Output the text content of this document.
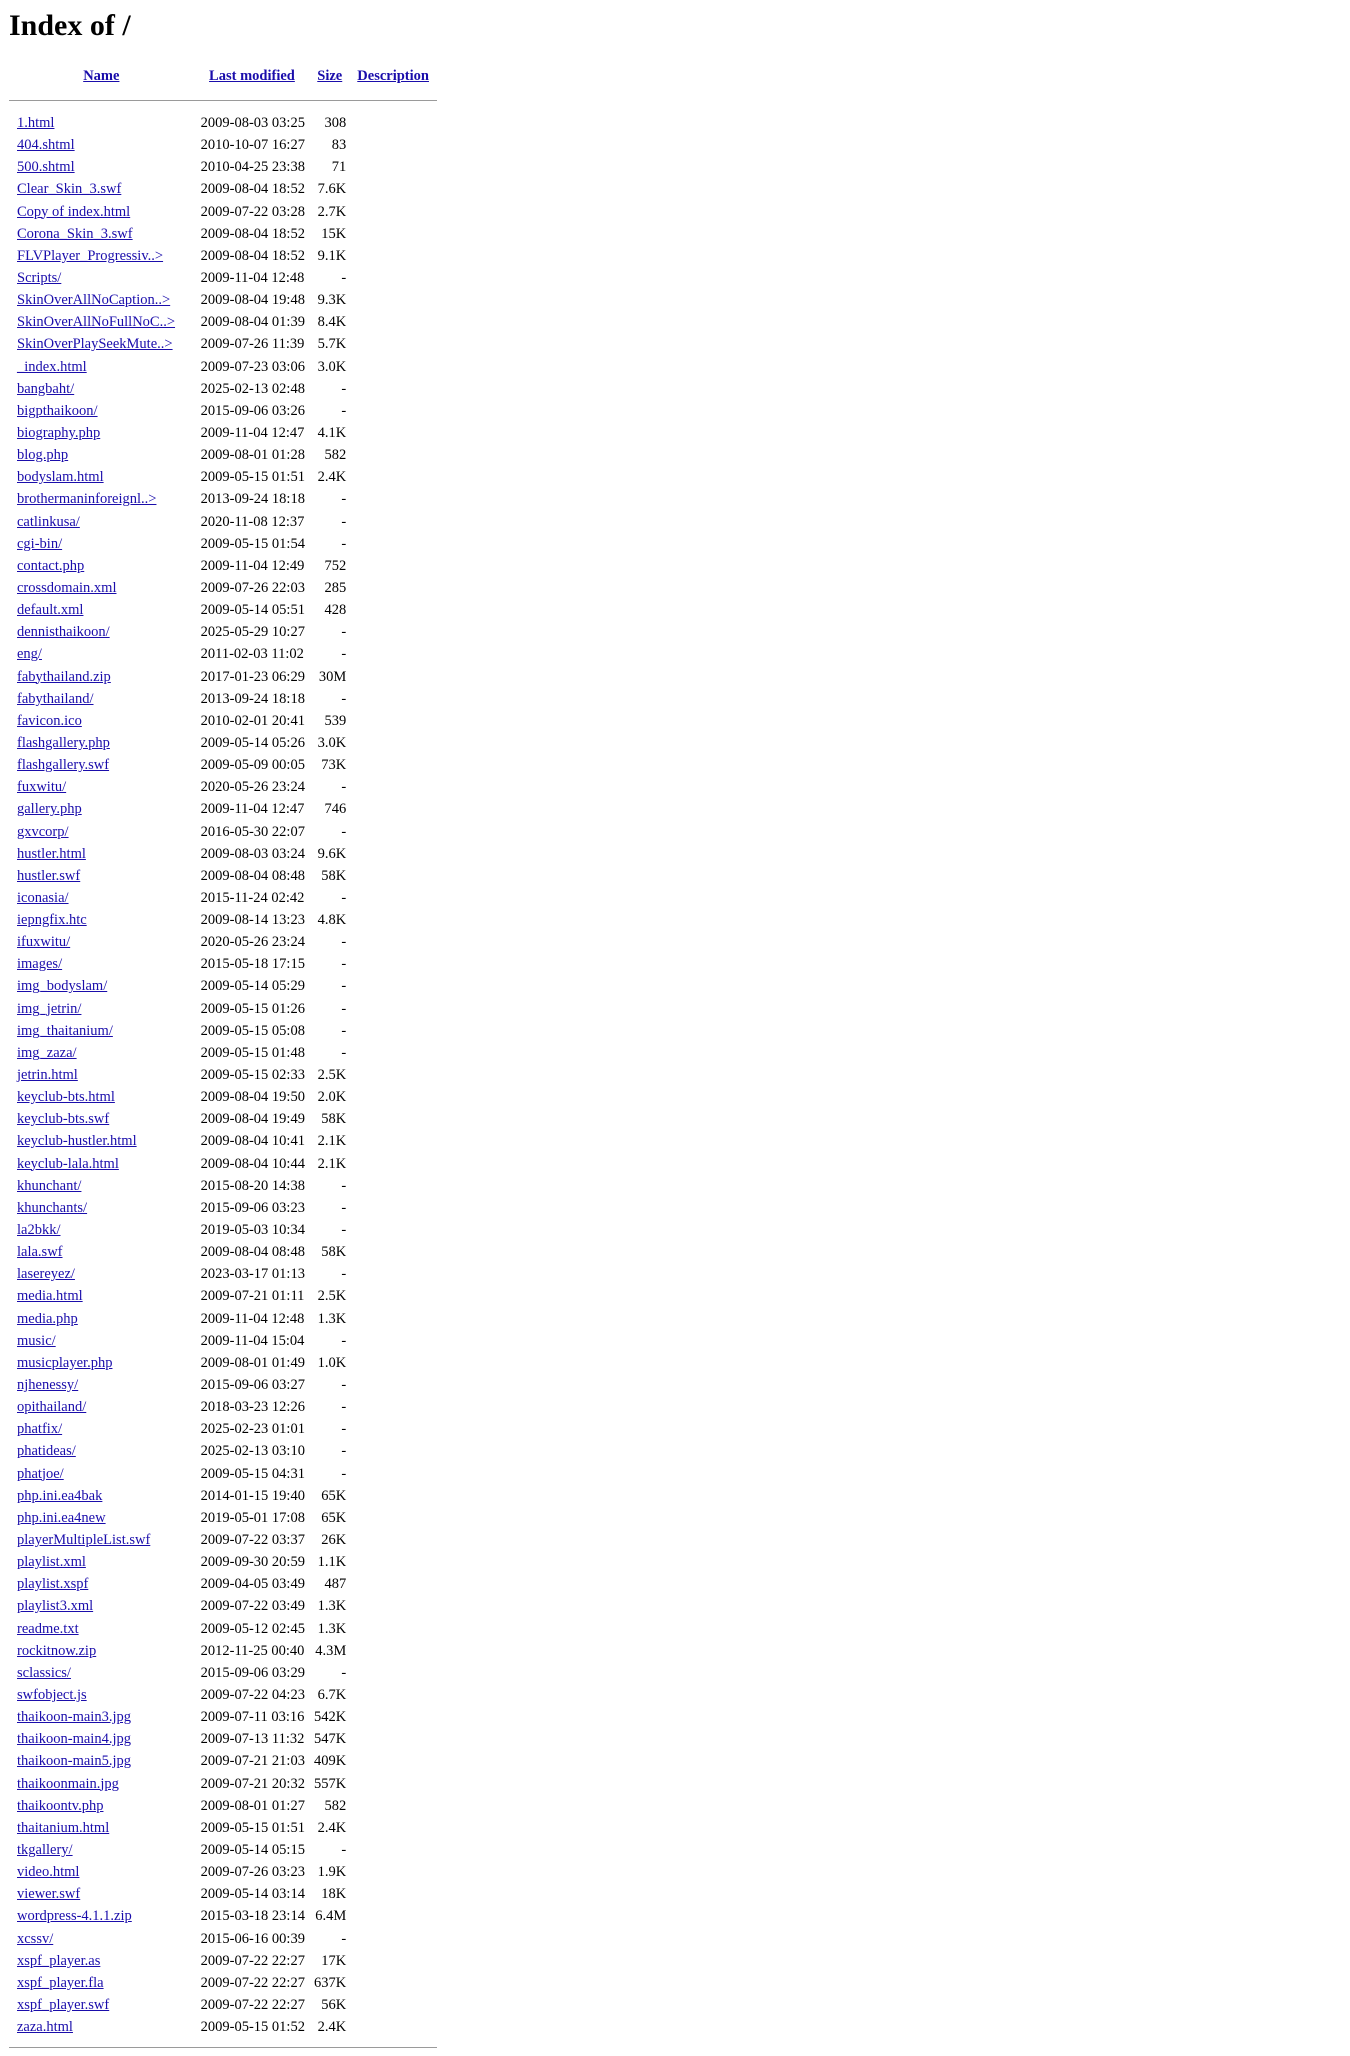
Index of /
Name	Last modified	Size	Description

1.html	2009-08-03 03:25	308	
404.shtml	2010-10-07 16:27	83	
500.shtml	2010-04-25 23:38	71	
Clear_Skin_3.swf	2009-08-04 18:52	7.6K	
Copy of index.html	2009-07-22 03:28	2.7K	
Corona_Skin_3.swf	2009-08-04 18:52	15K	
FLVPlayer_Progressiv..>	2009-08-04 18:52	9.1K	
Scripts/	2009-11-04 12:48	-	
SkinOverAllNoCaption..>	2009-08-04 19:48	9.3K	
SkinOverAllNoFullNoC..>	2009-08-04 01:39	8.4K	
SkinOverPlaySeekMute..>	2009-07-26 11:39	5.7K	
_index.html	2009-07-23 03:06	3.0K	
bangbaht/	2025-02-13 02:48	-	
bigpthaikoon/	2015-09-06 03:26	-	
biography.php	2009-11-04 12:47	4.1K	
blog.php	2009-08-01 01:28	582	
bodyslam.html	2009-05-15 01:51	2.4K	
brothermaninforeignl..>	2013-09-24 18:18	-	
catlinkusa/	2020-11-08 12:37	-	
cgi-bin/	2009-05-15 01:54	-	
contact.php	2009-11-04 12:49	752	
crossdomain.xml	2009-07-26 22:03	285	
default.xml	2009-05-14 05:51	428	
dennisthaikoon/	2025-05-29 10:27	-	
eng/	2011-02-03 11:02	-	
fabythailand.zip	2017-01-23 06:29	30M	
fabythailand/	2013-09-24 18:18	-	
favicon.ico	2010-02-01 20:41	539	
flashgallery.php	2009-05-14 05:26	3.0K	
flashgallery.swf	2009-05-09 00:05	73K	
fuxwitu/	2020-05-26 23:24	-	
gallery.php	2009-11-04 12:47	746	
gxvcorp/	2016-05-30 22:07	-	
hustler.html	2009-08-03 03:24	9.6K	
hustler.swf	2009-08-04 08:48	58K	
iconasia/	2015-11-24 02:42	-	
iepngfix.htc	2009-08-14 13:23	4.8K	
ifuxwitu/	2020-05-26 23:24	-	
images/	2015-05-18 17:15	-	
img_bodyslam/	2009-05-14 05:29	-	
img_jetrin/	2009-05-15 01:26	-	
img_thaitanium/	2009-05-15 05:08	-	
img_zaza/	2009-05-15 01:48	-	
jetrin.html	2009-05-15 02:33	2.5K	
keyclub-bts.html	2009-08-04 19:50	2.0K	
keyclub-bts.swf	2009-08-04 19:49	58K	
keyclub-hustler.html	2009-08-04 10:41	2.1K	
keyclub-lala.html	2009-08-04 10:44	2.1K	
khunchant/	2015-08-20 14:38	-	
khunchants/	2015-09-06 03:23	-	
la2bkk/	2019-05-03 10:34	-	
lala.swf	2009-08-04 08:48	58K	
lasereyez/	2023-03-17 01:13	-	
media.html	2009-07-21 01:11	2.5K	
media.php	2009-11-04 12:48	1.3K	
music/	2009-11-04 15:04	-	
musicplayer.php	2009-08-01 01:49	1.0K	
njhenessy/	2015-09-06 03:27	-	
opithailand/	2018-03-23 12:26	-	
phatfix/	2025-02-23 01:01	-	
phatideas/	2025-02-13 03:10	-	
phatjoe/	2009-05-15 04:31	-	
php.ini.ea4bak	2014-01-15 19:40	65K	
php.ini.ea4new	2019-05-01 17:08	65K	
playerMultipleList.swf	2009-07-22 03:37	26K	
playlist.xml	2009-09-30 20:59	1.1K	
playlist.xspf	2009-04-05 03:49	487	
playlist3.xml	2009-07-22 03:49	1.3K	
readme.txt	2009-05-12 02:45	1.3K	
rockitnow.zip	2012-11-25 00:40	4.3M	
sclassics/	2015-09-06 03:29	-	
swfobject.js	2009-07-22 04:23	6.7K	
thaikoon-main3.jpg	2009-07-11 03:16	542K	
thaikoon-main4.jpg	2009-07-13 11:32	547K	
thaikoon-main5.jpg	2009-07-21 21:03	409K	
thaikoonmain.jpg	2009-07-21 20:32	557K	
thaikoontv.php	2009-08-01 01:27	582	
thaitanium.html	2009-05-15 01:51	2.4K	
tkgallery/	2009-05-14 05:15	-	
video.html	2009-07-26 03:23	1.9K	
viewer.swf	2009-05-14 03:14	18K	
wordpress-4.1.1.zip	2015-03-18 23:14	6.4M	
xcssv/	2015-06-16 00:39	-	
xspf_player.as	2009-07-22 22:27	17K	
xspf_player.fla	2009-07-22 22:27	637K	
xspf_player.swf	2009-07-22 22:27	56K	
zaza.html	2009-05-15 01:52	2.4K	
